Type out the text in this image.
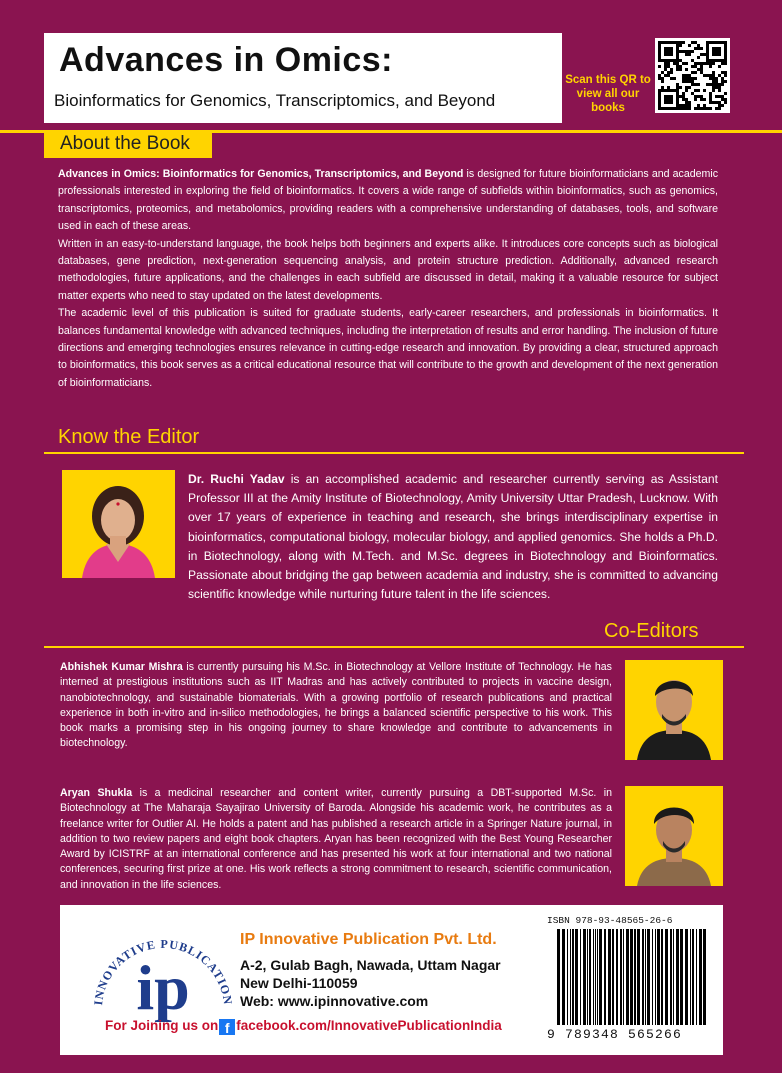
Advances in Omics:
Bioinformatics for Genomics, Transcriptomics, and Beyond
Scan this QR to view all our books
About the Book

Advances in Omics: Bioinformatics for Genomics, Transcriptomics, and Beyond is designed for future bioinformaticians and academic professionals interested in exploring the field of bioinformatics. It covers a wide range of subfields within bioinformatics, such as genomics, transcriptomics, proteomics, and metabolomics, providing readers with a comprehensive understanding of databases, tools, and software used in each of these areas.

Written in an easy-to-understand language, the book helps both beginners and experts alike. It introduces core concepts such as biological databases, gene prediction, next-generation sequencing analysis, and protein structure prediction. Additionally, advanced research methodologies, future applications, and the challenges in each subfield are discussed in detail, making it a valuable resource for subject matter experts who need to stay updated on the latest developments.

The academic level of this publication is suited for graduate students, early-career researchers, and professionals in bioinformatics. It balances fundamental knowledge with advanced techniques, including the interpretation of results and error handling. The inclusion of future directions and emerging technologies ensures relevance in cutting-edge research and innovation. By providing a clear, structured approach to bioinformatics, this book serves as a critical educational resource that will contribute to the growth and development of the next generation of bioinformaticians.

Know the Editor
Dr. Ruchi Yadav is an accomplished academic and researcher currently serving as Assistant Professor III at the Amity Institute of Biotechnology, Amity University Uttar Pradesh, Lucknow. With over 17 years of experience in teaching and research, she brings interdisciplinary expertise in bioinformatics, computational biology, molecular biology, and applied genomics. She holds a Ph.D. in Biotechnology, along with M.Tech. and M.Sc. degrees in Biotechnology and Bioinformatics. Passionate about bridging the gap between academia and industry, she is committed to advancing scientific knowledge while nurturing future talent in the life sciences.
Co-Editors
Abhishek Kumar Mishra is currently pursuing his M.Sc. in Biotechnology at Vellore Institute of Technology. He has interned at prestigious institutions such as IIT Madras and has actively contributed to projects in vaccine design, nanobiotechnology, and sustainable biomaterials. With a growing portfolio of research publications and practical experience in both in-vitro and in-silico methodologies, he brings a balanced scientific perspective to his work. This book marks a promising step in his ongoing journey to share knowledge and contribute to advancements in biotechnology.
Aryan Shukla is a medicinal researcher and content writer, currently pursuing a DBT-supported M.Sc. in Biotechnology at The Maharaja Sayajirao University of Baroda. Alongside his academic work, he contributes as a freelance writer for Outlier AI. He holds a patent and has published a research article in a Springer Nature journal, in addition to two review papers and eight book chapters. Aryan has been recognized with the Best Young Researcher Award by ICISTRF at an international conference and has presented his work at four international and two national conferences, securing first prize at one. His work reflects a strong commitment to research, scientific communication, and innovation in the life sciences.
INNOVATIVE PUBLICATION
ip
IP Innovative Publication Pvt. Ltd.
A-2, Gulab Bagh, Nawada, Uttam Nagar
New Delhi-110059
Web: www.ipinnovative.com
For Joining us on f facebook.com/InnovativePublicationIndia
ISBN 978-93-48565-26-6
9 789348 565266
